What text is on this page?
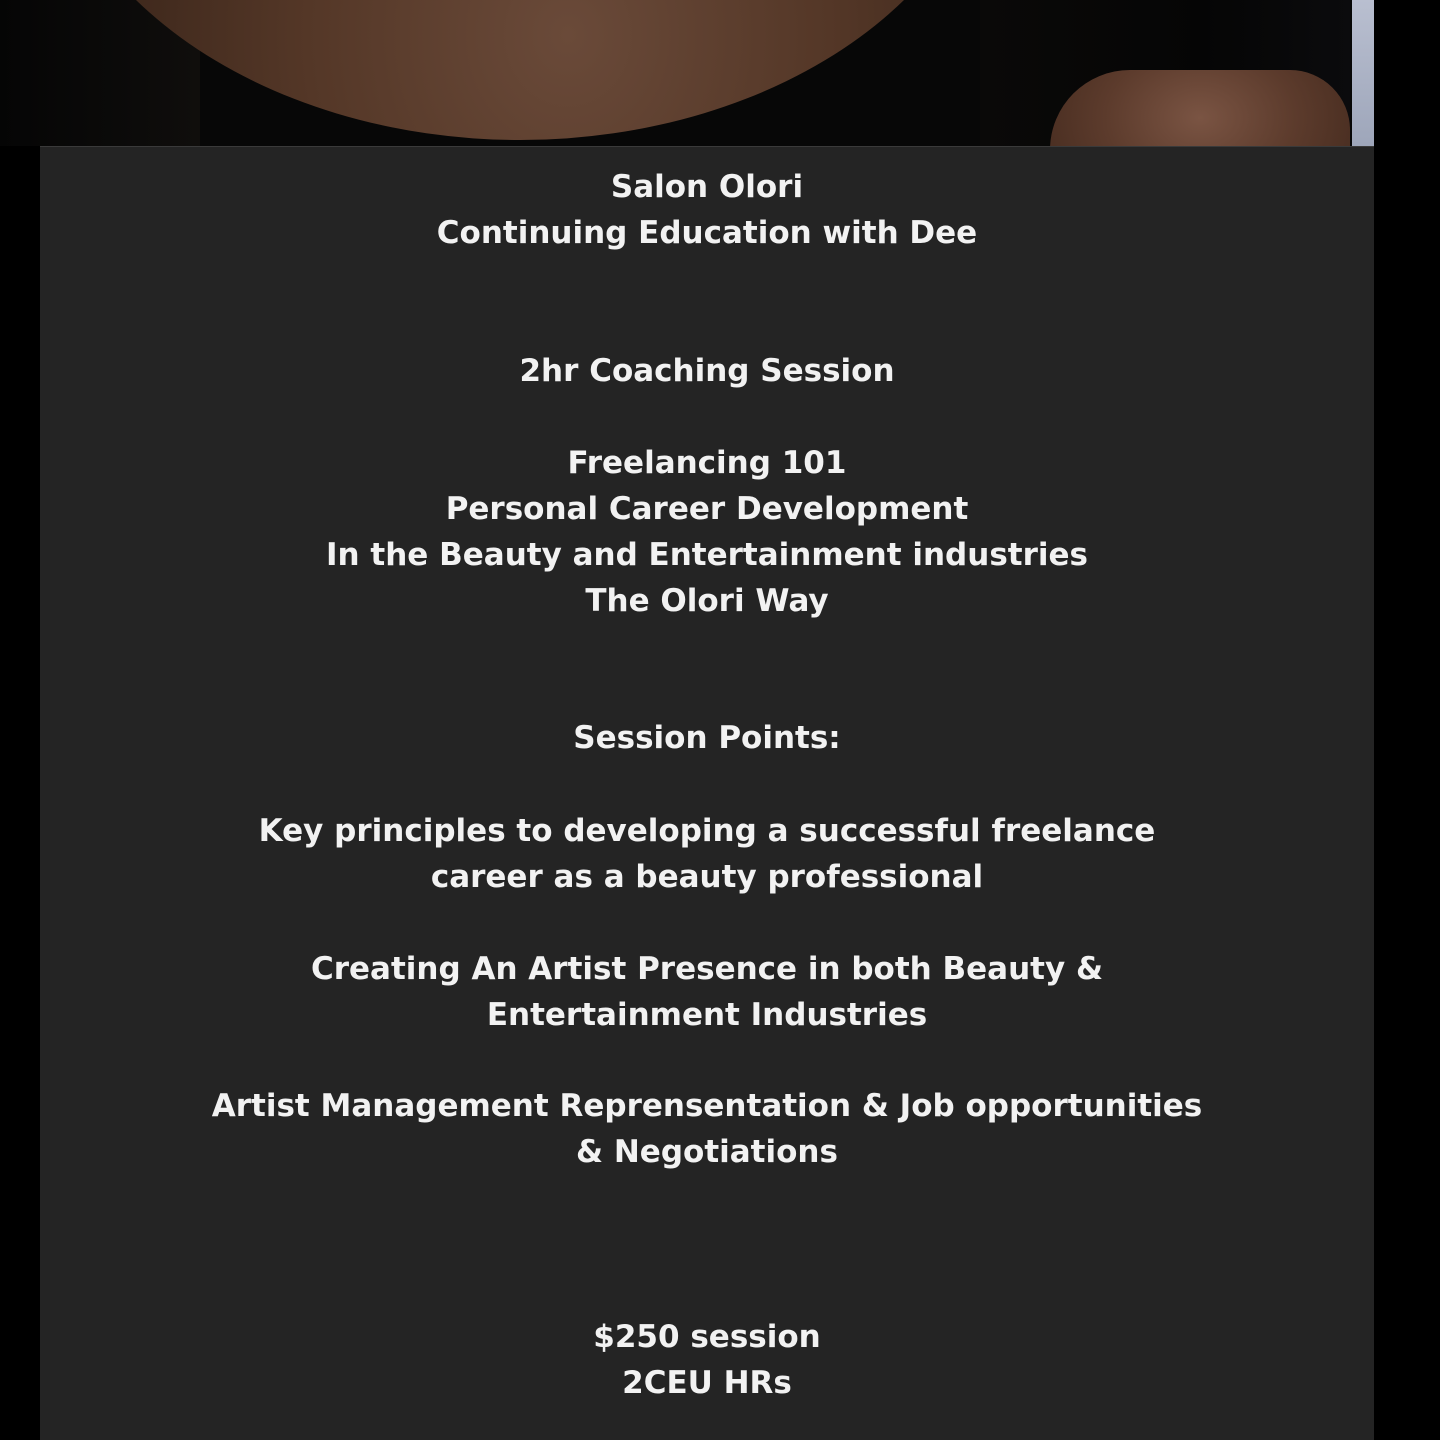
Salon Olori

Continuing Education with Dee

2hr Coaching Session

Freelancing 101

Personal Career Development

In the Beauty and Entertainment industries

The Olori Way

Session Points:

Key principles to developing a successful freelance

career as a beauty professional

Creating An Artist Presence in both Beauty &

Entertainment Industries

Artist Management Reprensentation & Job opportunities

& Negotiations

$250 session

2CEU HRs
